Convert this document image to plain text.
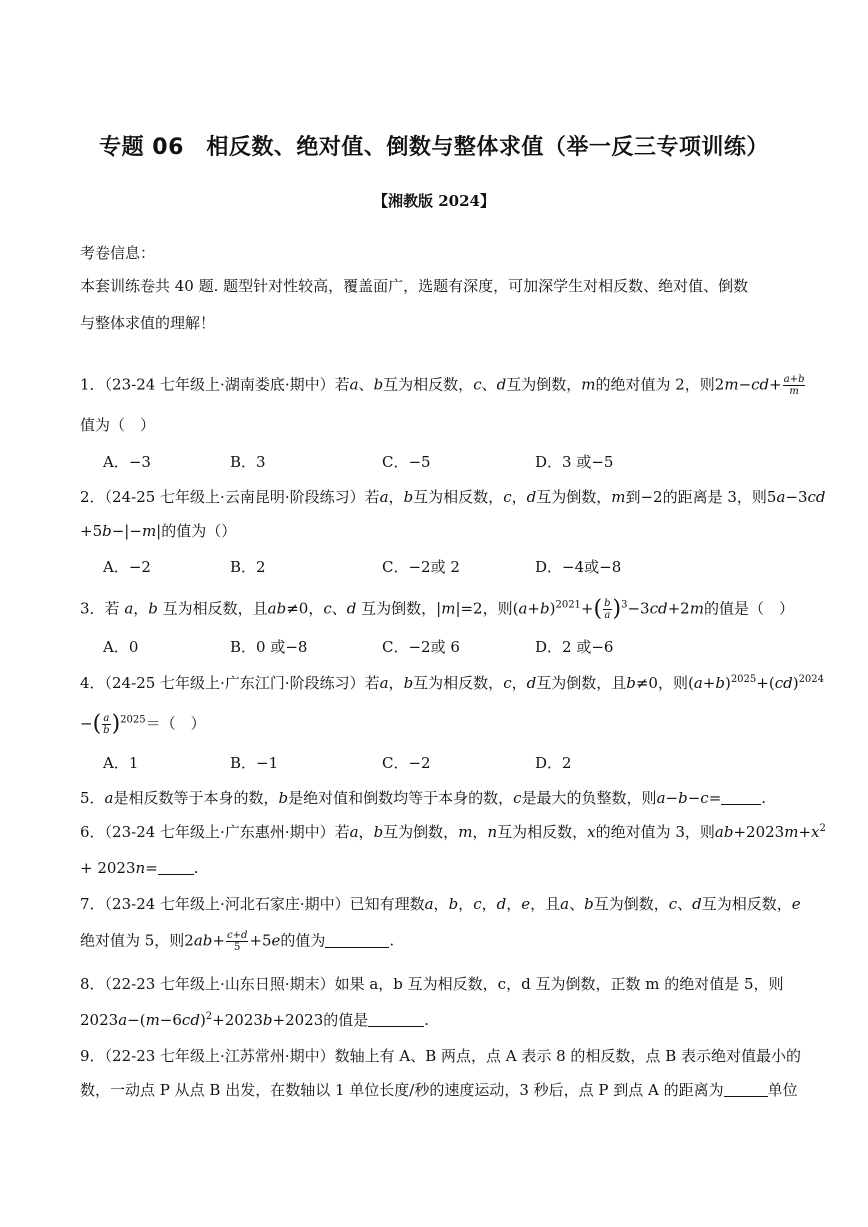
专题 06　相反数、绝对值、倒数与整体求值（举一反三专项训练）
【湘教版 2024】
考卷信息：
本套训练卷共 40 题. 题型针对性较高，覆盖面广，选题有深度，可加深学生对相反数、绝对值、倒数
与整体求值的理解！
1．（23-24 七年级上·湖南娄底·期中）若a、b互为相反数，c、d互为倒数，m的绝对值为 2，则$2m-cd+ \frac{a+b}{m}$
值为（　）
A．−3	B．3	C．−5	D．3 或−5
2．（24-25 七年级上·云南昆明·阶段练习）若a，b互为相反数，c，d互为倒数，m到−2的距离是 3，则5a−3cd
+5b−|−m|的值为（）
A．−2	B．2	C．−2或 2	D．−4或−8
3．若 a，b 互为相反数，且ab≠0，c、d 互为倒数，|m|=2，则$(a+b)^{2021}+( \frac{b}{a} )^3-3cd+2m$的值是（　）
A．0	B．0 或−8	C．−2或 6	D．2 或−6
4．（24-25 七年级上·广东江门·阶段练习）若a，b互为相反数，c，d互为倒数，且b≠0，则$(a+b)^{2025}+(cd)^{2024}$
−( $\frac{a}{b} )^{2025}=$（　）
A．1	B．−1	C．−2	D．2
5．a是相反数等于本身的数，b是绝对值和倒数均等于本身的数，c是最大的负整数，则a−b−c=	.
6．（23-24 七年级上·广东惠州·期中）若a，b互为倒数，m，n互为相反数，x的绝对值为 3，则$ab+2023m+x^2$
+ 2023n= .
7．（23-24 七年级上·河北石家庄·期中）已知有理数a，b，c，d，e，且a、b互为倒数，c、d互为相反数，e
绝对值为 5，则$2ab+ \frac{c+d}{5} +5e$的值为	.
8．（22-23 七年级上·山东日照·期末）如果 a，b 互为相反数，c，d 互为倒数，正数 m 的绝对值是 5，则
$2023a-(m-6cd)^2+2023b+2023$的值是	.
9．（22-23 七年级上·江苏常州·期中）数轴上有 A、B 两点，点 A 表示 8 的相反数，点 B 表示绝对值最小的
数，一动点 P 从点 B 出发，在数轴以 1 单位长度/秒的速度运动，3 秒后，点 P 到点 A 的距离为	单位
